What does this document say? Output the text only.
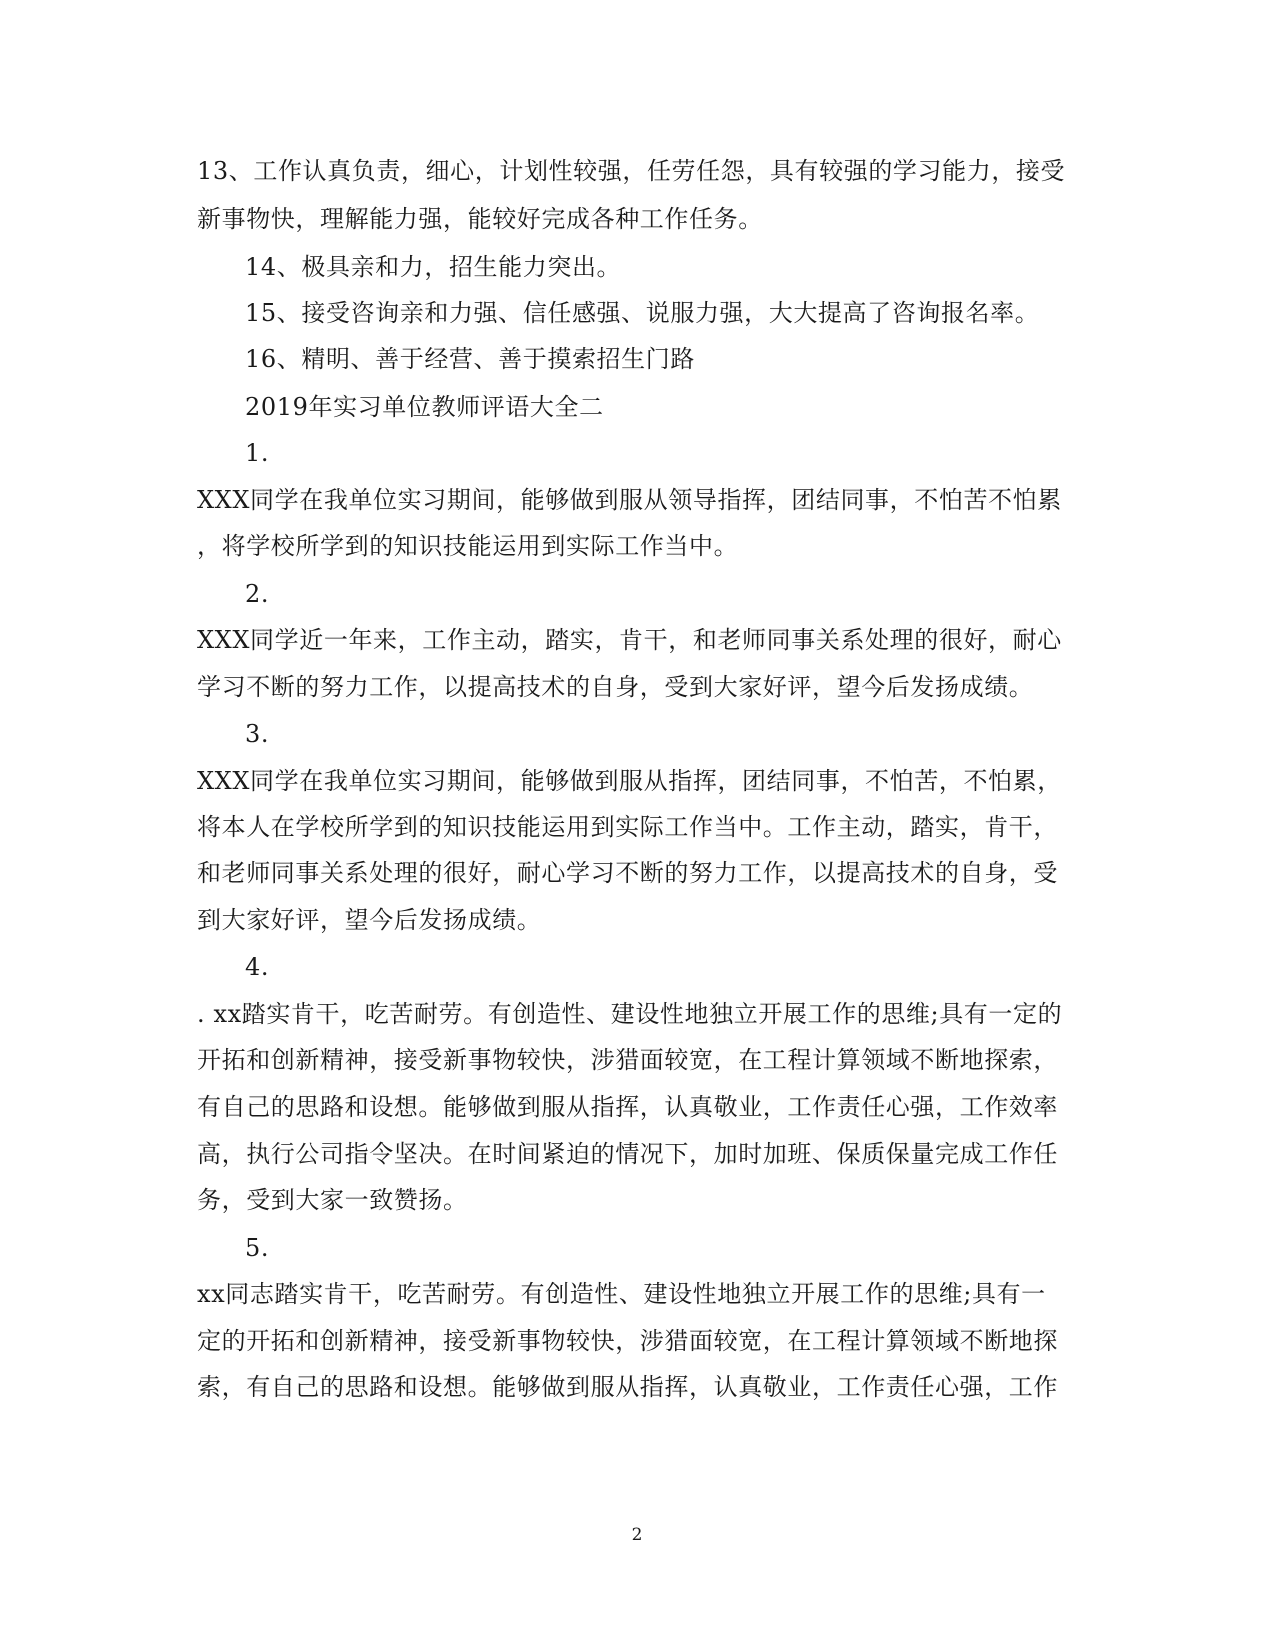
13、工作认真负责，细心，计划性较强，任劳任怨，具有较强的学习能力，接受
新事物快，理解能力强，能较好完成各种工作任务。
14、极具亲和力，招生能力突出。
15、接受咨询亲和力强、信任感强、说服力强，大大提高了咨询报名率。
16、精明、善于经营、善于摸索招生门路
2019年实习单位教师评语大全二
1.
XXX同学在我单位实习期间，能够做到服从领导指挥，团结同事，不怕苦不怕累
，将学校所学到的知识技能运用到实际工作当中。
2.
XXX同学近一年来，工作主动，踏实，肯干，和老师同事关系处理的很好，耐心
学习不断的努力工作，以提高技术的自身，受到大家好评，望今后发扬成绩。
3.
XXX同学在我单位实习期间，能够做到服从指挥，团结同事，不怕苦，不怕累，
将本人在学校所学到的知识技能运用到实际工作当中。工作主动，踏实，肯干，
和老师同事关系处理的很好，耐心学习不断的努力工作，以提高技术的自身，受
到大家好评，望今后发扬成绩。
4.
. xx踏实肯干，吃苦耐劳。有创造性、建设性地独立开展工作的思维;具有一定的
开拓和创新精神，接受新事物较快，涉猎面较宽，在工程计算领域不断地探索，
有自己的思路和设想。能够做到服从指挥，认真敬业，工作责任心强，工作效率
高，执行公司指令坚决。在时间紧迫的情况下，加时加班、保质保量完成工作任
务，受到大家一致赞扬。
5.
xx同志踏实肯干，吃苦耐劳。有创造性、建设性地独立开展工作的思维;具有一
定的开拓和创新精神，接受新事物较快，涉猎面较宽，在工程计算领域不断地探
索，有自己的思路和设想。能够做到服从指挥，认真敬业，工作责任心强，工作
2
